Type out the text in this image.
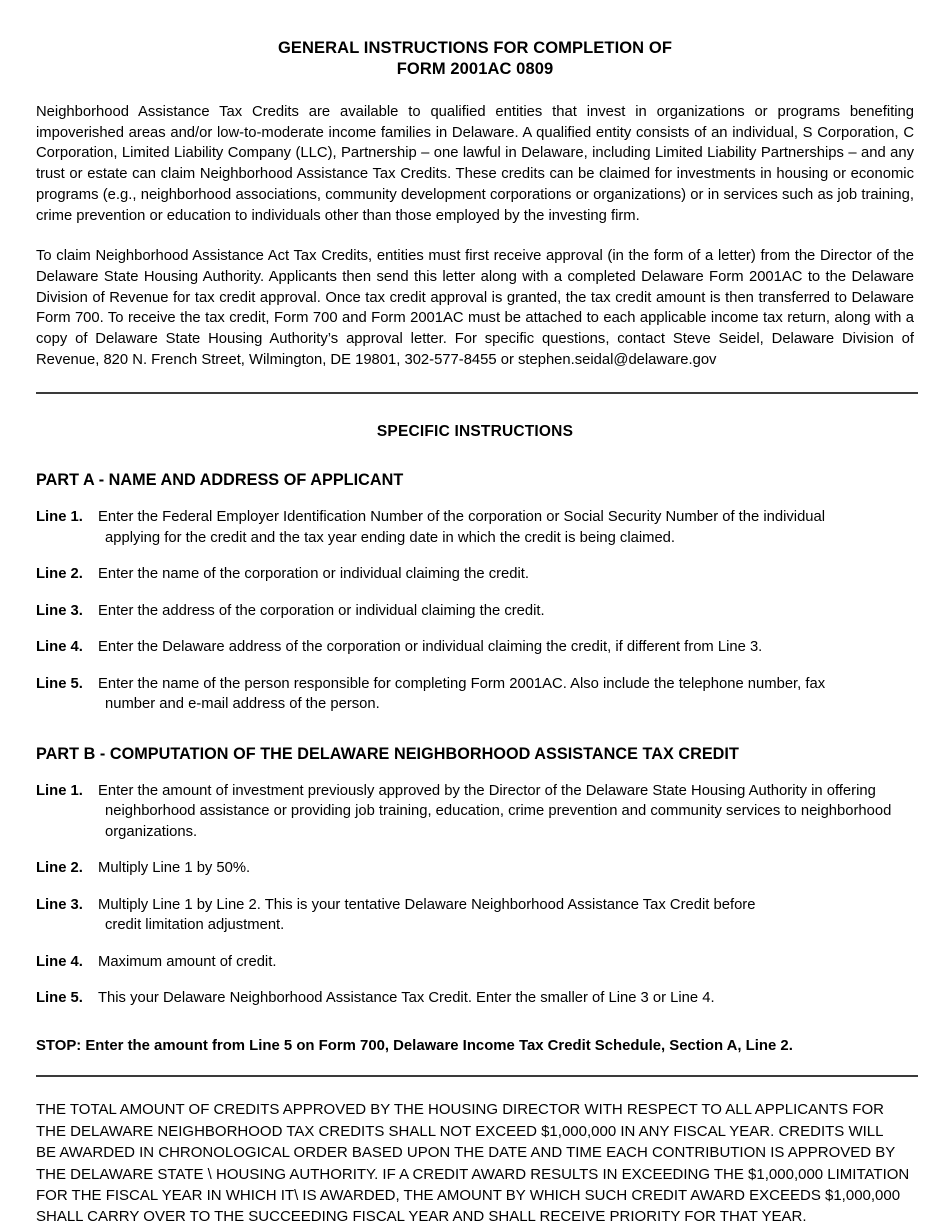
GENERAL INSTRUCTIONS FOR COMPLETION OF
FORM 2001AC 0809

Neighborhood Assistance Tax Credits are available to qualified entities that invest in organizations or programs benefiting impoverished areas and/or low-to-moderate income families in Delaware. A qualified entity consists of an individual, S Corporation, C Corporation, Limited Liability Company (LLC), Partnership – one lawful in Delaware, including Limited Liability Partnerships – and any trust or estate can claim Neighborhood Assistance Tax Credits. These credits can be claimed for investments in housing or economic programs (e.g., neighborhood associations, community development corporations or organizations) or in services such as job training, crime prevention or education to individuals other than those employed by the investing firm.

To claim Neighborhood Assistance Act Tax Credits, entities must first receive approval (in the form of a letter) from the Director of the Delaware State Housing Authority. Applicants then send this letter along with a completed Delaware Form 2001AC to the Delaware Division of Revenue for tax credit approval. Once tax credit approval is granted, the tax credit amount is then transferred to Delaware Form 700. To receive the tax credit, Form 700 and Form 2001AC must be attached to each applicable income tax return, along with a copy of Delaware State Housing Authority’s approval letter. For specific questions, contact Steve Seidel, Delaware Division of Revenue, 820 N. French Street, Wilmington, DE 19801, 302-577-8455 or stephen.seidal@delaware.gov

SPECIFIC INSTRUCTIONS
PART A - NAME AND ADDRESS OF APPLICANT
Line 1.	Enter the Federal Employer Identification Number of the corporation or Social Security Number of the individual
applying for the credit and the tax year ending date in which the credit is being claimed.
Line 2.	Enter the name of the corporation or individual claiming the credit.
Line 3.	Enter the address of the corporation or individual claiming the credit.
Line 4.	Enter the Delaware address of the corporation or individual claiming the credit, if different from Line 3.
Line 5.	Enter the name of the person responsible for completing Form 2001AC. Also include the telephone number, fax
number and e-mail address of the person.
PART B - COMPUTATION OF THE DELAWARE NEIGHBORHOOD ASSISTANCE TAX CREDIT
Line 1.	Enter the amount of investment previously approved by the Director of the Delaware State Housing Authority in offering
neighborhood assistance or providing job training, education, crime prevention and community services to neighborhood organizations.
Line 2.	Multiply Line 1 by 50%.
Line 3.	Multiply Line 1 by Line 2. This is your tentative Delaware Neighborhood Assistance Tax Credit before
credit limitation adjustment.
Line 4.	Maximum amount of credit.
Line 5.	This your Delaware Neighborhood Assistance Tax Credit. Enter the smaller of Line 3 or Line 4.
STOP: Enter the amount from Line 5 on Form 700, Delaware Income Tax Credit Schedule, Section A, Line 2.
THE TOTAL AMOUNT OF CREDITS APPROVED BY THE HOUSING DIRECTOR WITH RESPECT TO ALL APPLICANTS FOR
THE DELAWARE NEIGHBORHOOD TAX CREDITS SHALL NOT EXCEED $1,000,000 IN ANY FISCAL YEAR. CREDITS WILL
BE AWARDED IN CHRONOLOGICAL ORDER BASED UPON THE DATE AND TIME EACH CONTRIBUTION IS APPROVED BY
THE DELAWARE STATE \ HOUSING AUTHORITY. IF A CREDIT AWARD RESULTS IN EXCEEDING THE $1,000,000 LIMITATION
FOR THE FISCAL YEAR IN WHICH IT\ IS AWARDED, THE AMOUNT BY WHICH SUCH CREDIT AWARD EXCEEDS $1,000,000
SHALL CARRY OVER TO THE SUCCEEDING FISCAL YEAR AND SHALL RECEIVE PRIORITY FOR THAT YEAR.
